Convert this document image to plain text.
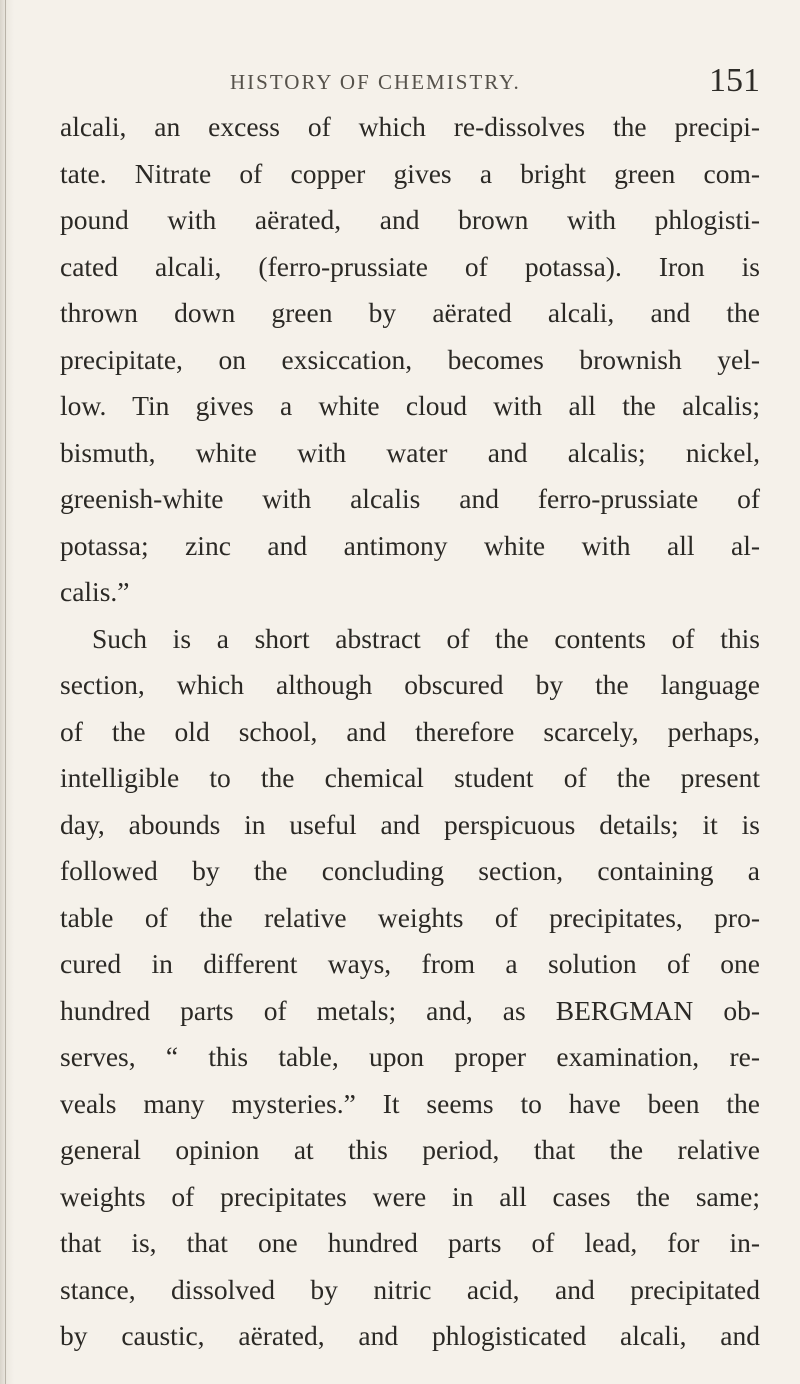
HISTORY OF CHEMISTRY.	151
alcali, an excess of which re-dissolves the precipi-
tate. Nitrate of copper gives a bright green com-
pound with aërated, and brown with phlogisti-
cated alcali, (ferro-prussiate of potassa). Iron is
thrown down green by aërated alcali, and the
precipitate, on exsiccation, becomes brownish yel-
low. Tin gives a white cloud with all the alcalis;
bismuth, white with water and alcalis; nickel,
greenish-white with alcalis and ferro-prussiate of
potassa; zinc and antimony white with all al-
calis.”
Such is a short abstract of the contents of this
section, which although obscured by the language
of the old school, and therefore scarcely, perhaps,
intelligible to the chemical student of the present
day, abounds in useful and perspicuous details; it is
followed by the concluding section, containing a
table of the relative weights of precipitates, pro-
cured in different ways, from a solution of one
hundred parts of metals; and, as BERGMAN ob-
serves, “ this table, upon proper examination, re-
veals many mysteries.” It seems to have been the
general opinion at this period, that the relative
weights of precipitates were in all cases the same;
that is, that one hundred parts of lead, for in-
stance, dissolved by nitric acid, and precipitated
by caustic, aërated, and phlogisticated alcali, and
